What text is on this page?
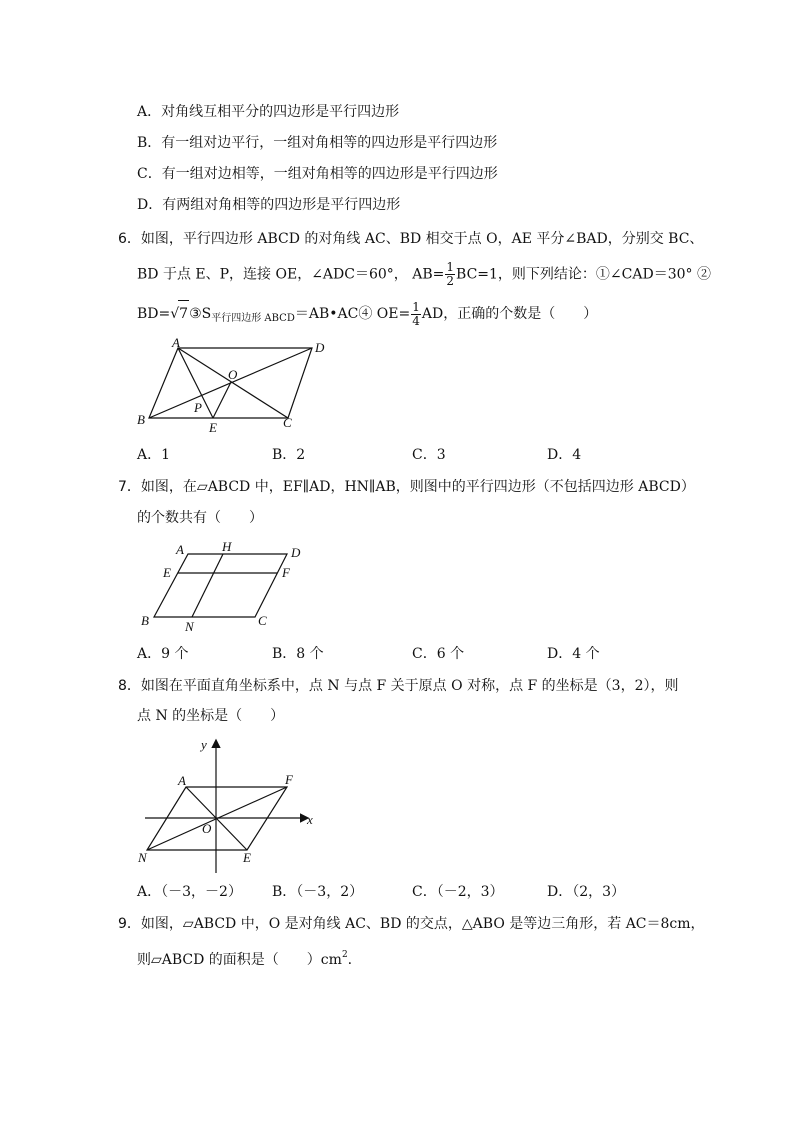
A．对角线互相平分的四边形是平行四边形
B．有一组对边平行，一组对角相等的四边形是平行四边形
C．有一组对边相等，一组对角相等的四边形是平行四边形
D．有两组对角相等的四边形是平行四边形
6．如图，平行四边形 ABCD 的对角线 AC、BD 相交于点 O，AE 平分∠BAD，分别交 BC、
BD 于点 E、P，连接 OE，∠ADC＝60°， $AB= \frac{1}{2} BC=1$，则下列结论：①∠CAD＝30° ②
$BD=√7③S_{平行四边形 ABCD}=AB•AC④$ $OE= \frac{1}{4}$ AD，正确的个数是（　　）
A	D
O
P
B
E	C
A．1	B．2	C．3	D．4
7．如图，在▱ABCD 中，EF∥AD，HN∥AB，则图中的平行四边形（不包括四边形 ABCD）
的个数共有（　　）
A	H	D
E	F
B	N	C
A．9 个	B．8 个	C．6 个	D．4 个
8．如图在平面直角坐标系中，点 N 与点 F 关于原点 O 对称，点 F 的坐标是（3，2），则
点 N 的坐标是（　　）
y
x
A	F
O
N	E
A．（－3，－2） B．（－3，2）	C．（－2，3）	D．（2，3）
9．如图，▱ABCD 中，O 是对角线 AC、BD 的交点，△ABO 是等边三角形，若 AC＝8cm，
则▱ABCD 的面积是（　　）$cm^2$.
